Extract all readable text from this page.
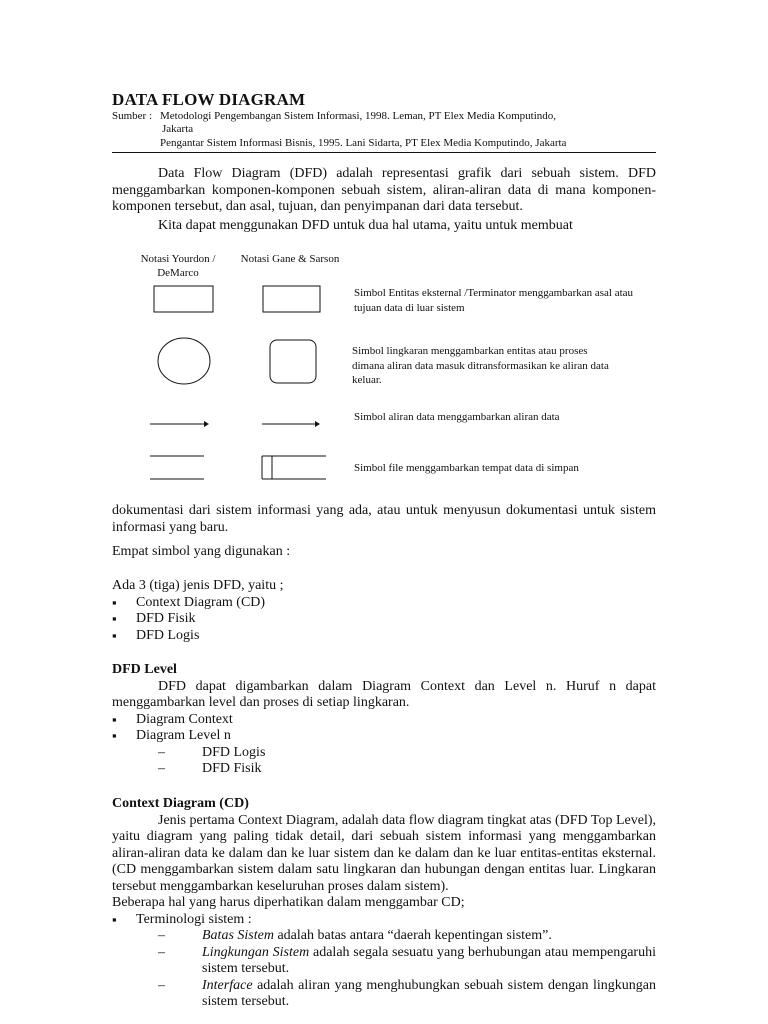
DATA FLOW DIAGRAM
Sumber : Metodologi Pengembangan Sistem Informasi, 1998. Leman, PT Elex Media Komputindo,
Jakarta
Pengantar Sistem Informasi Bisnis, 1995. Lani Sidarta, PT Elex Media Komputindo, Jakarta
Data Flow Diagram (DFD) adalah representasi grafik dari sebuah sistem. DFD menggambarkan komponen-komponen sebuah sistem, aliran-aliran data di mana komponen-komponen tersebut, dan asal, tujuan, dan penyimpanan dari data tersebut.
Kita dapat menggunakan DFD untuk dua hal utama, yaitu untuk membuat
Notasi Yourdon / DeMarco
Notasi Gane & Sarson
Simbol Entitas eksternal /Terminator menggambarkan asal atau tujuan data di luar sistem
Simbol lingkaran menggambarkan entitas atau proses dimana aliran data masuk ditransformasikan ke aliran data keluar.
Simbol aliran data menggambarkan aliran data
Simbol file menggambarkan tempat data di simpan
dokumentasi dari sistem informasi yang ada, atau untuk menyusun dokumentasi untuk sistem informasi yang baru.
Empat simbol yang digunakan :
Ada 3 (tiga) jenis DFD, yaitu ;
▪ Context Diagram (CD)
▪ DFD Fisik
▪ DFD Logis
DFD Level
DFD dapat digambarkan dalam Diagram Context dan Level n. Huruf n dapat menggambarkan level dan proses di setiap lingkaran.
▪ Diagram Context
▪ Diagram Level n
– DFD Logis
– DFD Fisik
Context Diagram (CD)
Jenis pertama Context Diagram, adalah data flow diagram tingkat atas (DFD Top Level), yaitu diagram yang paling tidak detail, dari sebuah sistem informasi yang menggambarkan aliran-aliran data ke dalam dan ke luar sistem dan ke dalam dan ke luar entitas-entitas eksternal. (CD menggambarkan sistem dalam satu lingkaran dan hubungan dengan entitas luar. Lingkaran tersebut menggambarkan keseluruhan proses dalam sistem).
Beberapa hal yang harus diperhatikan dalam menggambar CD;
▪ Terminologi sistem :
–	Batas Sistem adalah batas antara “daerah kepentingan sistem”.
–	Lingkungan Sistem adalah segala sesuatu yang berhubungan atau mempengaruhi sistem tersebut.
–	Interface adalah aliran yang menghubungkan sebuah sistem dengan lingkungan sistem tersebut.
